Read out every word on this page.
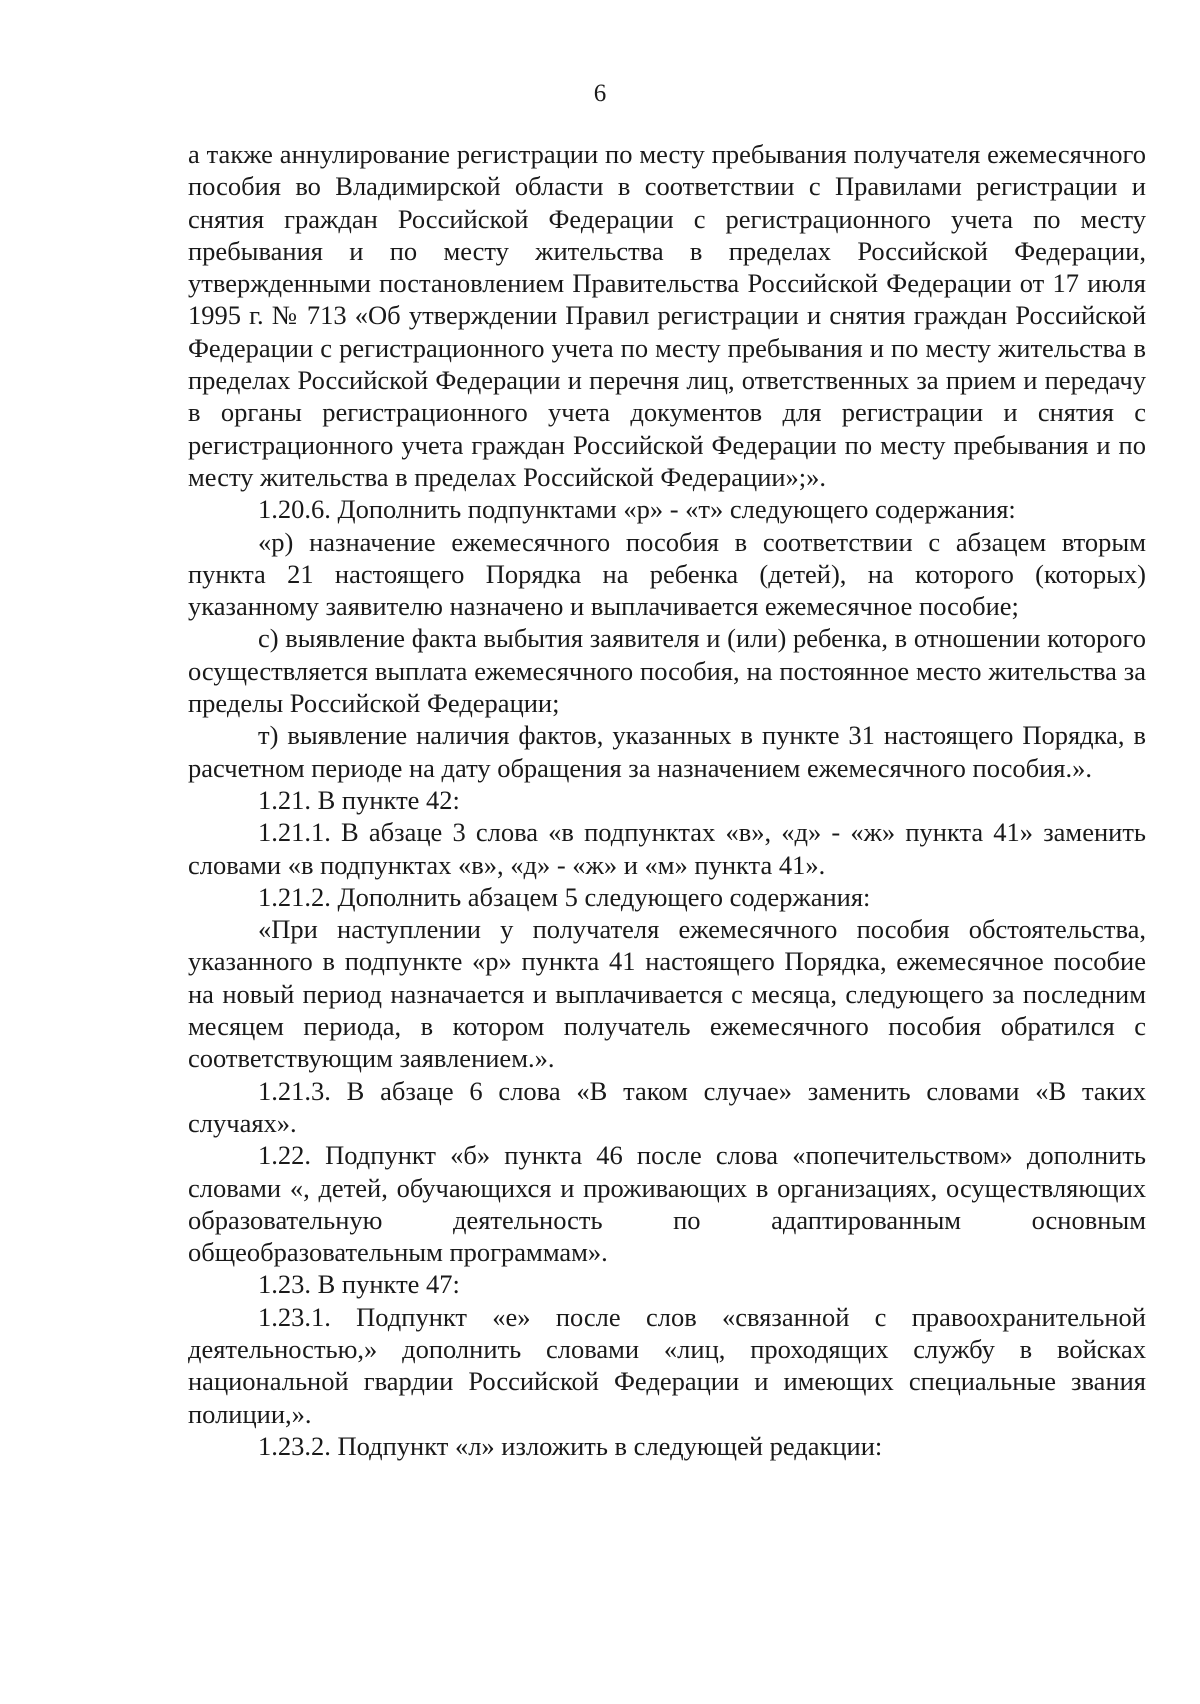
6

а также аннулирование регистрации по месту пребывания получателя ежемесячного пособия во Владимирской области в соответствии с Правилами регистрации и снятия граждан Российской Федерации с регистрационного учета по месту пребывания и по месту жительства в пределах Российской Федерации, утвержденными постановлением Правительства Российской Федерации от 17 июля 1995 г. № 713 «Об утверждении Правил регистрации и снятия граждан Российской Федерации с регистрационного учета по месту пребывания и по месту жительства в пределах Российской Федерации и перечня лиц, ответственных за прием и передачу в органы регистрационного учета документов для регистрации и снятия с регистрационного учета граждан Российской Федерации по месту пребывания и по месту жительства в пределах Российской Федерации»;».

1.20.6. Дополнить подпунктами «р» - «т» следующего содержания:

«р) назначение ежемесячного пособия в соответствии с абзацем вторым пункта 21 настоящего Порядка на ребенка (детей), на которого (которых) указанному заявителю назначено и выплачивается ежемесячное пособие;

с) выявление факта выбытия заявителя и (или) ребенка, в отношении которого осуществляется выплата ежемесячного пособия, на постоянное место жительства за пределы Российской Федерации;

т) выявление наличия фактов, указанных в пункте 31 настоящего Порядка, в расчетном периоде на дату обращения за назначением ежемесячного пособия.».

1.21. В пункте 42:

1.21.1. В абзаце 3 слова «в подпунктах «в», «д» - «ж» пункта 41» заменить словами «в подпунктах «в», «д» - «ж» и «м» пункта 41».

1.21.2. Дополнить абзацем 5 следующего содержания:

«При наступлении у получателя ежемесячного пособия обстоятельства, указанного в подпункте «р» пункта 41 настоящего Порядка, ежемесячное пособие на новый период назначается и выплачивается с месяца, следующего за последним месяцем периода, в котором получатель ежемесячного пособия обратился с соответствующим заявлением.».

1.21.3. В абзаце 6 слова «В таком случае» заменить словами «В таких случаях».

1.22. Подпункт «б» пункта 46 после слова «попечительством» дополнить словами «, детей, обучающихся и проживающих в организациях, осуществляющих образовательную деятельность по адаптированным основным общеобразовательным программам».

1.23. В пункте 47:

1.23.1. Подпункт «е» после слов «связанной с правоохранительной деятельностью,» дополнить словами «лиц, проходящих службу в войсках национальной гвардии Российской Федерации и имеющих специальные звания полиции,».

1.23.2. Подпункт «л» изложить в следующей редакции:
